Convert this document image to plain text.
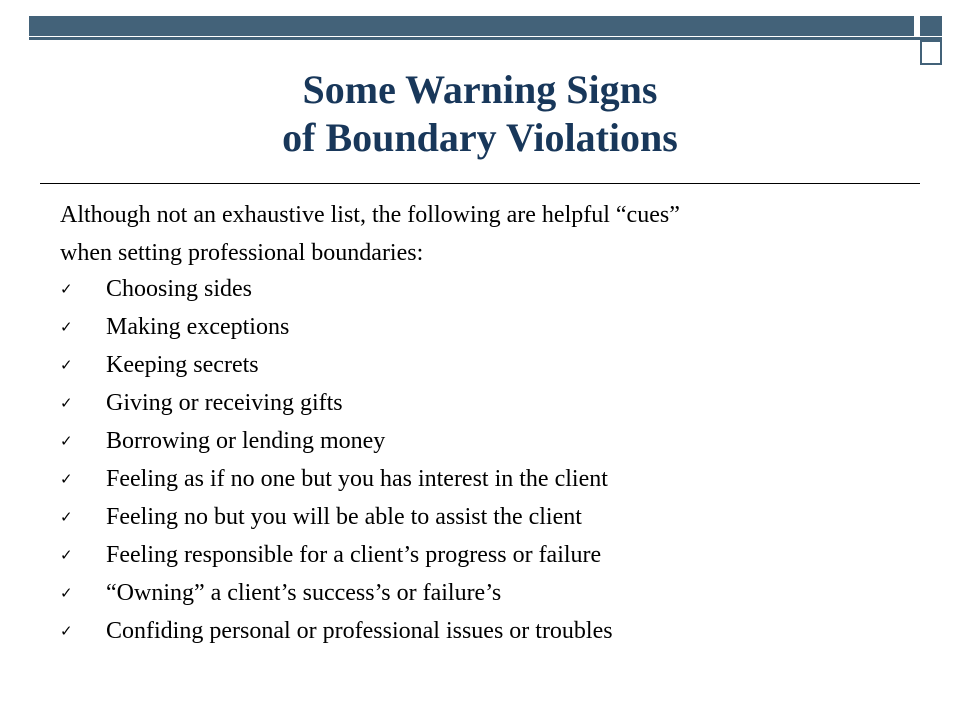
Some Warning Signs
of Boundary Violations
Although not an exhaustive list, the following are helpful “cues”
when setting professional boundaries:
✓ Choosing sides
✓ Making exceptions
✓ Keeping secrets
✓ Giving or receiving gifts
✓ Borrowing or lending money
✓ Feeling as if no one but you has interest in the client
✓ Feeling no but you will be able to assist the client
✓ Feeling responsible for a client’s progress or failure
✓ “Owning” a client’s success’s or failure’s
✓ Confiding personal or professional issues or troubles
